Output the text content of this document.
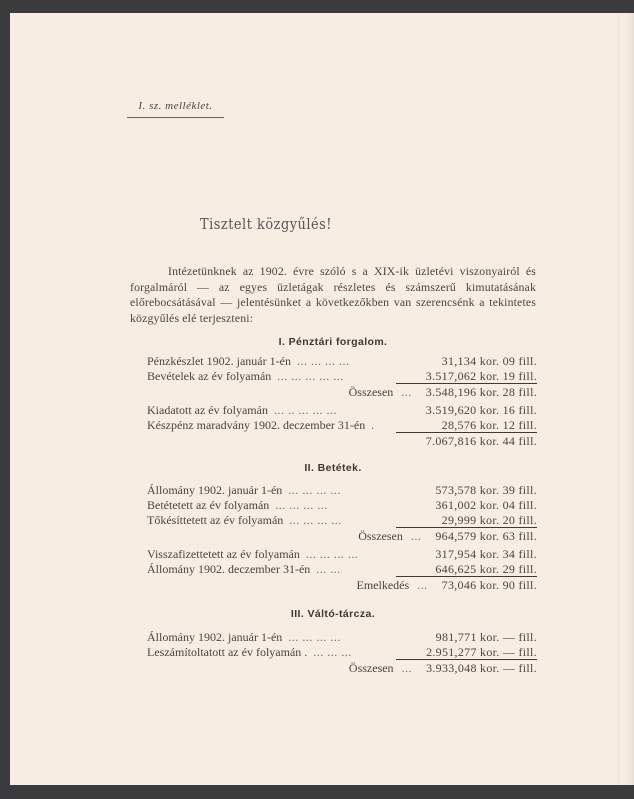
I. sz. melléklet.
Tisztelt közgyűlés!
Intézetünknek az 1902. évre szóló s a XIX-ik üzletévi viszonyairól és forgalmáról — az egyes üzletágak részletes és számszerű kimutatásának előrebocsátásával — jelentésünket a következőkben van szerencsénk a tekintetes közgyűlés elé terjeszteni:
I. Pénztári forgalom.
Pénzkészlet 1902. január 1-én ... ... ... ...	31,134 kor. 09 fill.
Bevételek az év folyamán ... ... ... ... ...	3.517,062 kor. 19 fill.
Összesen ... 3.548,196 kor. 28 fill.
Kiadatott az év folyamán ... .. ... ... ...	3.519,620 kor. 16 fill.
Készpénz maradvány 1902. deczember 31-én .	28,576 kor. 12 fill.
7.067,816 kor. 44 fill.
II. Betétek.
Állomány 1902. január 1-én ... ... ... ...	573,578 kor. 39 fill.
Betétetett az év folyamán ... ... ... ...	361,002 kor. 04 fill.
Tőkésíttetett az év folyamán ... ... ... ...	29,999 kor. 20 fill.
Összesen ... 964,579 kor. 63 fill.
Visszafizettetett az év folyamán ... ... ... ...	317,954 kor. 34 fill.
Állomány 1902. deczember 31-én ... ...	646,625 kor. 29 fill.
Emelkedés ... 73,046 kor. 90 fill.
III. Váltó-tárcza.
Állomány 1902. január 1-én ... ... ... ...	981,771 kor. — fill.
Leszámítoltatott az év folyamán . ... ... ...	2.951,277 kor. — fill.
Összesen ... 3.933,048 kor. — fill.
